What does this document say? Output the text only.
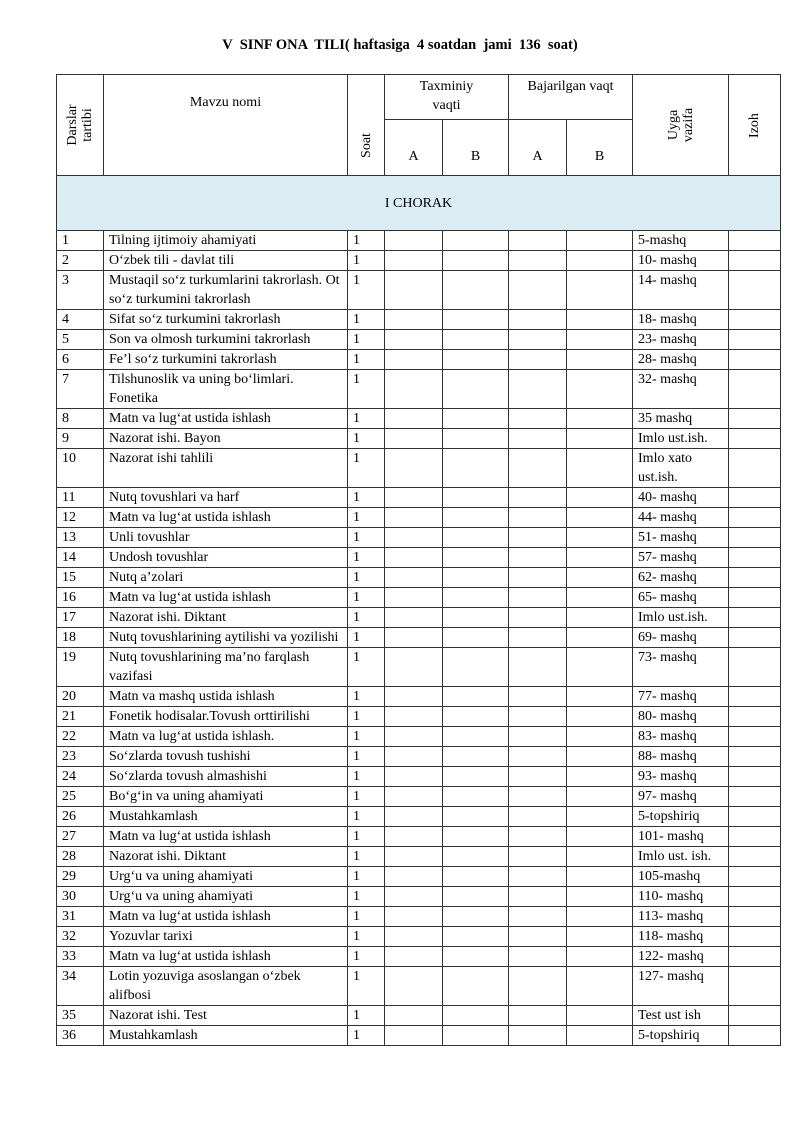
V  SINF ONA  TILI( haftasiga  4 soatdan  jami  136  soat)
Darslar tartibi	Mavzu nomi	Soat	Taxminiy vaqti		Bajarilgan vaqt		Uyga vazifa	Izoh

			A	B	A	B		
I CHORAK								
1	Tilning ijtimoiy ahamiyati	1					5-mashq	
2	O‘zbek tili - davlat tili	1					10- mashq	
3	Mustaqil so‘z turkumlarini takrorlash. Ot so‘z turkumini takrorlash	1					14- mashq	
4	Sifat so‘z turkumini takrorlash	1					18- mashq	
5	Son va olmosh turkumini takrorlash	1					23- mashq	
6	Fe’l so‘z turkumini takrorlash	1					28- mashq	
7	Tilshunoslik va uning bo‘limlari. Fonetika	1					32- mashq	
8	Matn va lug‘at ustida ishlash	1					35 mashq	
9	Nazorat ishi. Bayon	1					Imlo ust.ish.	
10	Nazorat ishi tahlili	1					Imlo xato ust.ish.	
11	Nutq tovushlari va harf	1					40- mashq	
12	Matn va lug‘at ustida ishlash	1					44- mashq	
13	Unli tovushlar	1					51- mashq	
14	Undosh tovushlar	1					57- mashq	
15	Nutq a’zolari	1					62- mashq	
16	Matn va lug‘at ustida ishlash	1					65- mashq	
17	Nazorat ishi. Diktant	1					Imlo ust.ish.	
18	Nutq tovushlarining aytilishi va yozilishi	1					69- mashq	
19	Nutq tovushlarining ma’no farqlash vazifasi	1					73- mashq	
20	Matn va mashq ustida ishlash	1					77- mashq	
21	Fonetik hodisalar.Tovush orttirilishi	1					80- mashq	
22	Matn va lug‘at ustida ishlash.	1					83- mashq	
23	So‘zlarda tovush tushishi	1					88- mashq	
24	So‘zlarda tovush almashishi	1					93- mashq	
25	Bo‘g‘in va uning ahamiyati	1					97- mashq	
26	Mustahkamlash	1					5-topshiriq	
27	Matn va lug‘at ustida ishlash	1					101- mashq	
28	Nazorat ishi. Diktant	1					Imlo ust. ish.	
29	Urg‘u va uning ahamiyati	1					105-mashq	
30	Urg‘u va uning ahamiyati	1					110- mashq	
31	Matn va lug‘at ustida ishlash	1					113- mashq	
32	Yozuvlar tarixi	1					118- mashq	
33	Matn va lug‘at ustida ishlash	1					122- mashq	
34	Lotin yozuviga asoslangan o‘zbek alifbosi	1					127- mashq	
35	Nazorat ishi. Test	1					Test ust ish	
36	Mustahkamlash	1					5-topshiriq	
